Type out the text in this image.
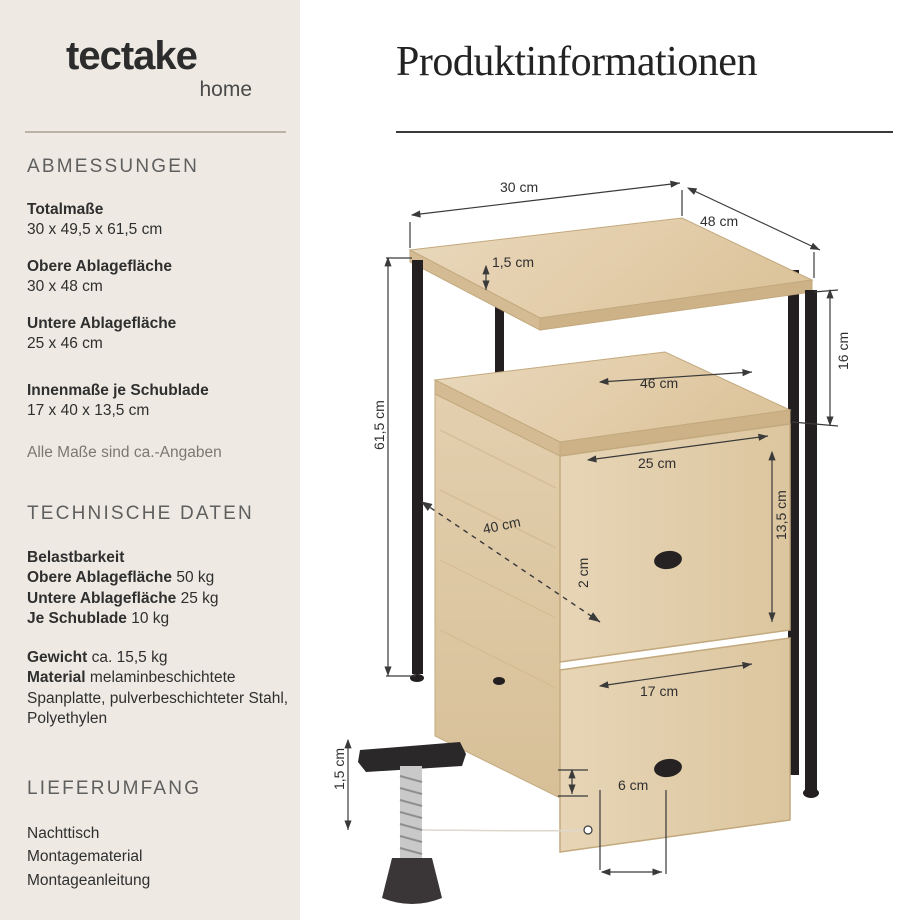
tectake
home
Produktinformationen
ABMESSUNGEN
Totalmaße
30 x 49,5 x 61,5 cm
Obere Ablagefläche
30 x 48 cm
Untere Ablagefläche
25 x 46 cm
Innenmaße je Schublade
17 x 40 x 13,5 cm
Alle Maße sind ca.-Angaben
TECHNISCHE DATEN
Belastbarkeit
Obere Ablagefläche 50 kg
Untere Ablagefläche 25 kg
Je Schublade 10 kg
Gewicht ca. 15,5 kg
Material melaminbeschichtete Spanplatte, pulverbeschichteter Stahl, Polyethylen
LIEFERUMFANG
Nachttisch
Montagematerial
Montageanleitung
30 cm
48 cm
1,5 cm
46 cm
16 cm
61,5 cm
25 cm
13,5 cm
40 cm
17 cm
2 cm
6 cm
1,5 cm
